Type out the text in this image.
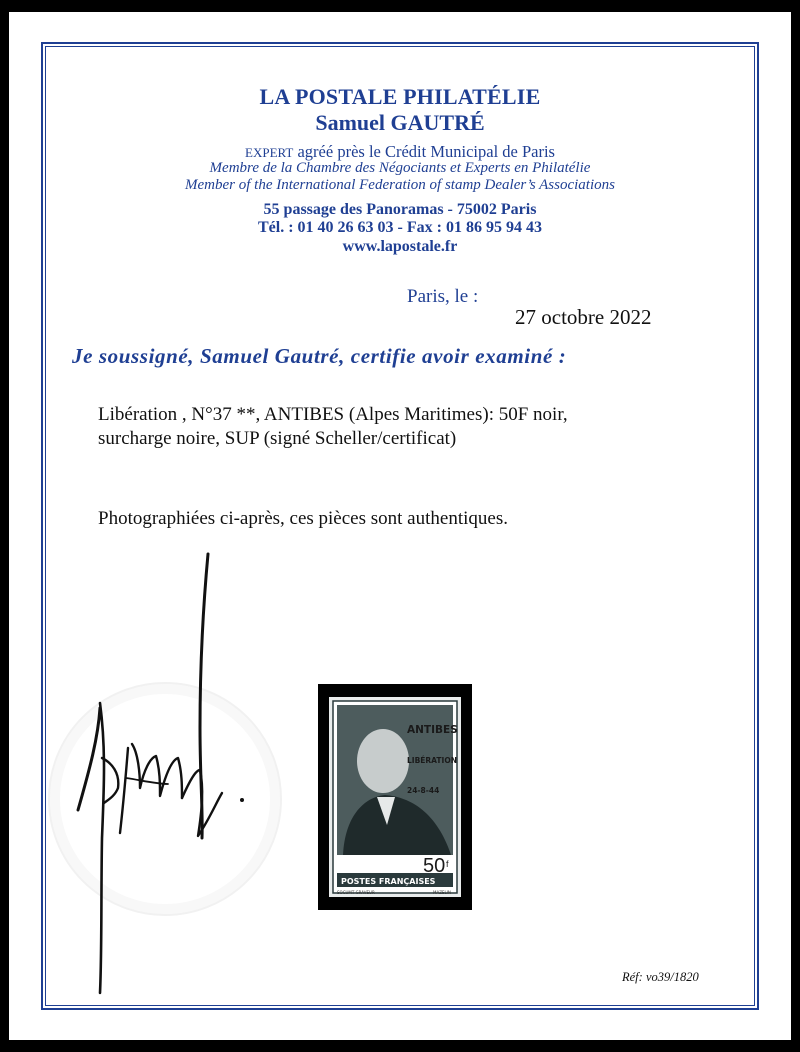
LA POSTALE PHILATÉLIE
Samuel GAUTRÉ
EXPERT agréé près le Crédit Municipal de Paris
Membre de la Chambre des Négociants et Experts en Philatélie
Member of the International Federation of stamp Dealer’s Associations
55 passage des Panoramas - 75002 Paris
Tél. : 01 40 26 63 03 - Fax : 01 86 95 94 43
www.lapostale.fr
Paris, le :
27 octobre 2022
Je soussigné, Samuel Gautré, certifie avoir examiné :
Libération , N°37 **, ANTIBES (Alpes Maritimes): 50F noir,
surcharge noire, SUP (signé Scheller/certificat)
Photographiées ci-après, ces pièces sont authentiques.
ANTIBES
LIBÉRATION
24-8-44
50 f
POSTES FRANÇAISES
SOCUMT GRAVEUR	MAZELIN
Réf: vo39/1820
